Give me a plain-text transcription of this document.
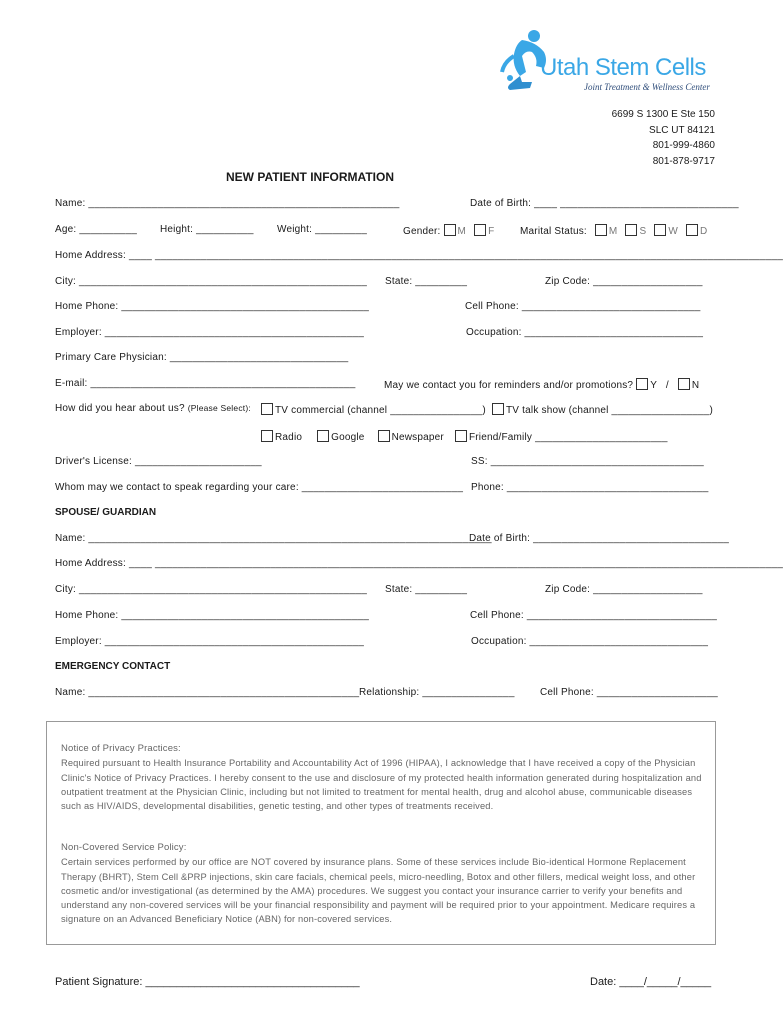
Utah Stem Cells
Joint Treatment & Wellness Center
6699 S 1300 E Ste 150
SLC UT 84121
801-999-4860
801-878-9717
NEW PATIENT INFORMATION
Name: ______________________________________________________	Date of Birth: ____ _______________________________
Age: __________ Height: __________ Weight: _________	Gender: M F	Marital Status: M S W D
Home Address: ____ _____________________________________________________________________________________________________________
City: __________________________________________________ State: _________	Zip Code: ___________________
Home Phone: ___________________________________________	Cell Phone: _______________________________
Employer: _____________________________________________	Occupation: _______________________________
Primary Care Physician: _______________________________
E-mail: ______________________________________________	May we contact you for reminders and/or promotions? Y / N
How did you hear about us? (Please Select):	TV commercial (channel ________________)	TV talk show (channel _________________)
Radio	Google	Newspaper Friend/Family _______________________
Driver's License: ______________________	SS: _____________________________________
Whom may we contact to speak regarding your care: ____________________________ Phone: ___________________________________
SPOUSE/ GUARDIAN
Name: ______________________________________________________________________
Date of Birth: __________________________________
Home Address: ____ _____________________________________________________________________________________________________________
City: __________________________________________________ State: _________	Zip Code: ___________________
Home Phone: ___________________________________________	Cell Phone: _________________________________
Employer: _____________________________________________	Occupation: _______________________________
EMERGENCY CONTACT
Name: _______________________________________________ Relationship: ________________	Cell Phone: _____________________
Notice of Privacy Practices:
Required pursuant to Health Insurance Portability and Accountability Act of 1996 (HIPAA), I acknowledge that I have received a copy of the Physician Clinic's Notice of Privacy Practices. I hereby consent to the use and disclosure of my protected health information generated during hospitalization and outpatient treatment at the Physician Clinic, including but not limited to treatment for mental health, drug and alcohol abuse, communicable diseases such as HIV/AIDS, developmental disabilities, genetic testing, and other types of treatments received.
Non-Covered Service Policy:
Certain services performed by our office are NOT covered by insurance plans. Some of these services include Bio-identical Hormone Replacement Therapy (BHRT), Stem Cell &PRP injections, skin care facials, chemical peels, micro-needling, Botox and other fillers, medical weight loss, and other cosmetic and/or investigational (as determined by the AMA) procedures. We suggest you contact your insurance carrier to verify your benefits and understand any non-covered services will be your financial responsibility and payment will be required prior to your appointment. Medicare requires a signature on an Advanced Beneficiary Notice (ABN) for non-covered services.
Patient Signature: ___________________________________	Date: ____/_____/_____
